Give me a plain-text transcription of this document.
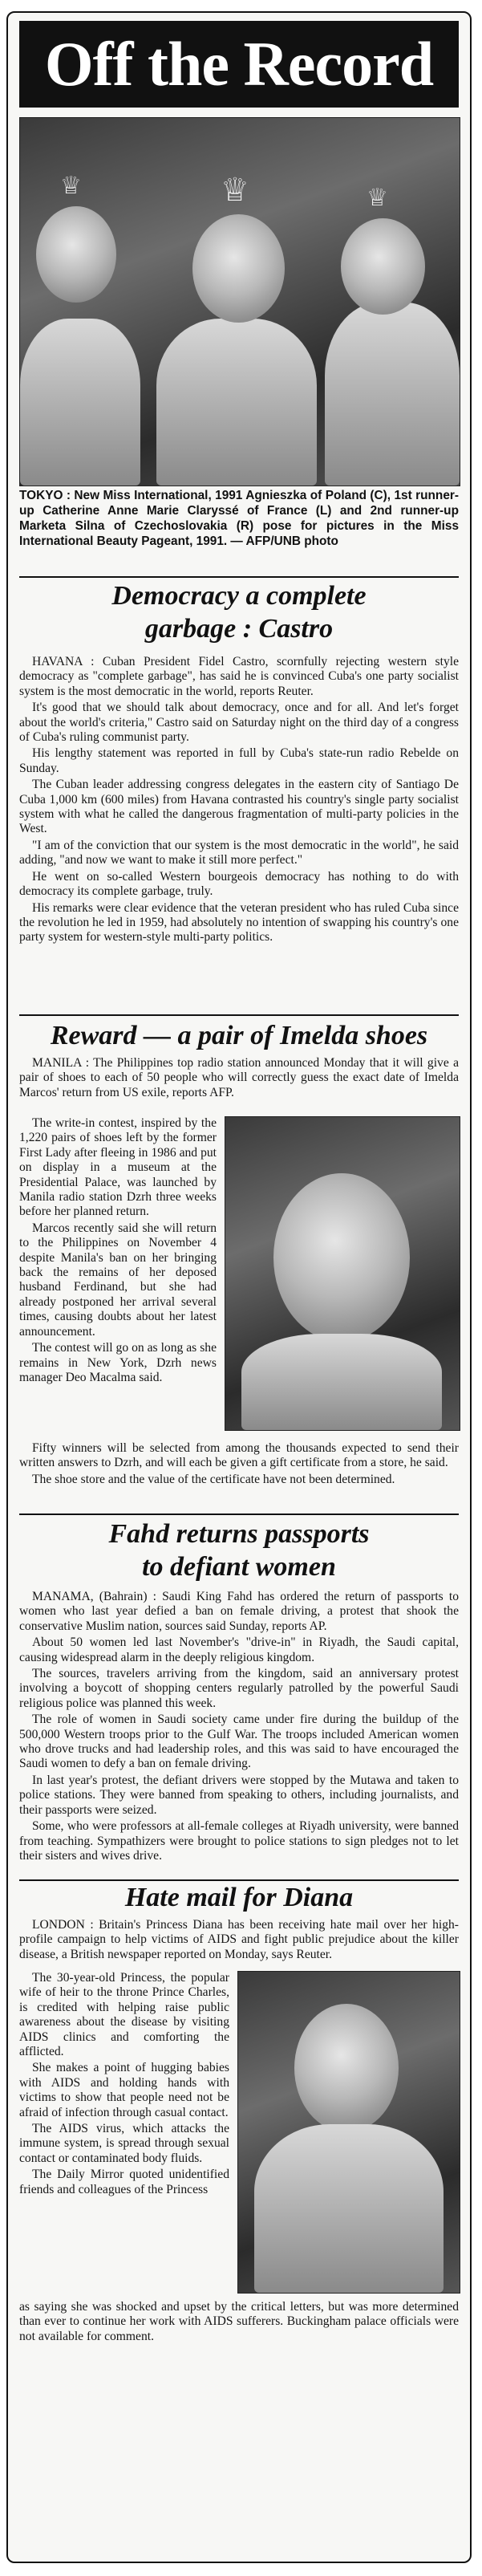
Off the Record
♕	♕	♕
TOKYO : New Miss International, 1991 Agnieszka of Poland (C), 1st runner-up Catherine Anne Marie Claryssé of France (L) and 2nd runner-up Marketa Silna of Czechoslovakia (R) pose for pictures in the Miss International Beauty Pageant, 1991. — AFP/UNB photo
Democracy a complete
garbage : Castro

HAVANA : Cuban President Fidel Castro, scornfully rejecting western style democracy as "complete garbage", has said he is convinced Cuba's one party socialist system is the most democratic in the world, reports Reuter.

It's good that we should talk about democracy, once and for all. And let's forget about the world's criteria," Castro said on Saturday night on the third day of a congress of Cuba's ruling communist party.

His lengthy statement was reported in full by Cuba's state-run radio Rebelde on Sunday.

The Cuban leader addressing congress delegates in the eastern city of Santiago De Cuba 1,000 km (600 miles) from Havana contrasted his country's single party socialist system with what he called the dangerous fragmentation of multi-party policies in the West.

"I am of the conviction that our system is the most democratic in the world", he said adding, "and now we want to make it still more perfect."

He went on so-called Western bourgeois democracy has nothing to do with democracy its complete garbage, truly.

His remarks were clear evidence that the veteran president who has ruled Cuba since the revolution he led in 1959, had absolutely no intention of swapping his country's one party system for western-style multi-party politics.

Reward — a pair of Imelda shoes

MANILA : The Philippines top radio station announced Monday that it will give a pair of shoes to each of 50 people who will correctly guess the exact date of Imelda Marcos' return from US exile, reports AFP.

The write-in contest, inspired by the 1,220 pairs of shoes left by the former First Lady after fleeing in 1986 and put on display in a museum at the Presidential Palace, was launched by Manila radio station Dzrh three weeks before her planned return.

Marcos recently said she will return to the Philippines on November 4 despite Manila's ban on her bringing back the remains of her deposed husband Ferdinand, but she had already postponed her arrival several times, causing doubts about her latest announcement.

The contest will go on as long as she remains in New York, Dzrh news manager Deo Macalma said.

Fifty winners will be selected from among the thousands expected to send their written answers to Dzrh, and will each be given a gift certificate from a store, he said.

The shoe store and the value of the certificate have not been determined.

Fahd returns passports
to defiant women

MANAMA, (Bahrain) : Saudi King Fahd has ordered the return of passports to women who last year defied a ban on female driving, a protest that shook the conservative Muslim nation, sources said Sunday, reports AP.

About 50 women led last November's "drive-in" in Riyadh, the Saudi capital, causing widespread alarm in the deeply religious kingdom.

The sources, travelers arriving from the kingdom, said an anniversary protest involving a boycott of shopping centers regularly patrolled by the powerful Saudi religious police was planned this week.

The role of women in Saudi society came under fire during the buildup of the 500,000 Western troops prior to the Gulf War. The troops included American women who drove trucks and had leadership roles, and this was said to have encouraged the Saudi women to defy a ban on female driving.

In last year's protest, the defiant drivers were stopped by the Mutawa and taken to police stations. They were banned from speaking to others, including journalists, and their passports were seized.

Some, who were professors at all-female colleges at Riyadh university, were banned from teaching. Sympathizers were brought to police stations to sign pledges not to let their sisters and wives drive.

Hate mail for Diana

LONDON : Britain's Princess Diana has been receiving hate mail over her high-profile campaign to help victims of AIDS and fight public prejudice about the killer disease, a British newspaper reported on Monday, says Reuter.

The 30-year-old Princess, the popular wife of heir to the throne Prince Charles, is credited with helping raise public awareness about the disease by visiting AIDS clinics and comforting the afflicted.

She makes a point of hugging babies with AIDS and holding hands with victims to show that people need not be afraid of infection through casual contact.

The AIDS virus, which attacks the immune system, is spread through sexual contact or contaminated body fluids.

The Daily Mirror quoted unidentified friends and colleagues of the Princess

as saying she was shocked and upset by the critical letters, but was more determined than ever to continue her work with AIDS sufferers. Buckingham palace officials were not available for comment.
